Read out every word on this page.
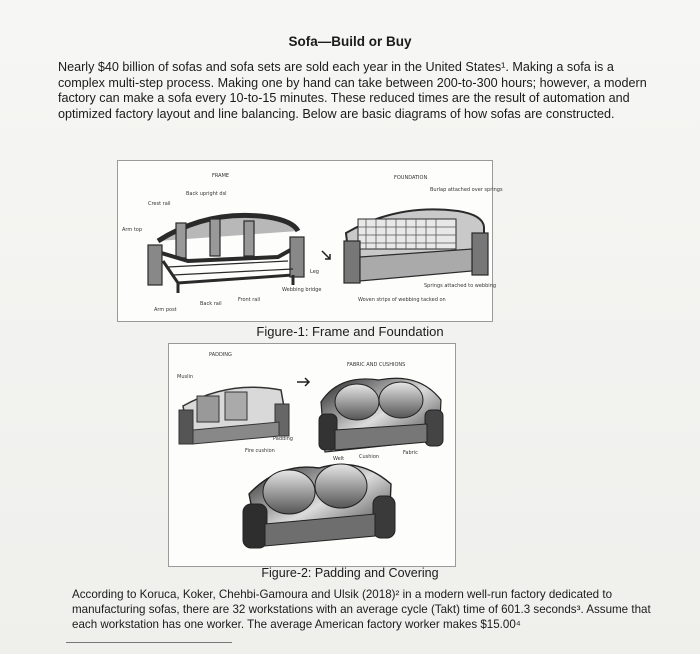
Sofa—Build or Buy
Nearly $40 billion of sofas and sofa sets are sold each year in the United States¹. Making a sofa is a complex multi-step process. Making one by hand can take between 200-to-300 hours; however, a modern factory can make a sofa every 10-to-15 minutes. These reduced times are the result of automation and optimized factory layout and line balancing. Below are basic diagrams of how sofas are constructed.
FRAME	FOUNDATION
Back upright dsl
Crest rail
Arm top
Arm post
Back rail
Front rail
Webbing bridge
Leg
Burlap attached over springs
Springs attached to webbing
Woven strips of webbing tacked on
Figure-1: Frame and Foundation
PADDING
FABRIC AND CUSHIONS
Muslin
Padding
Fire cushion	Fabric
Welt	Cushion
Figure-2: Padding and Covering
According to Koruca, Koker, Chehbi-Gamoura and Ulsik (2018)² in a modern well-run factory dedicated to manufacturing sofas, there are 32 workstations with an average cycle (Takt) time of 601.3 seconds³. Assume that each workstation has one worker. The average American factory worker makes $15.00⁴
